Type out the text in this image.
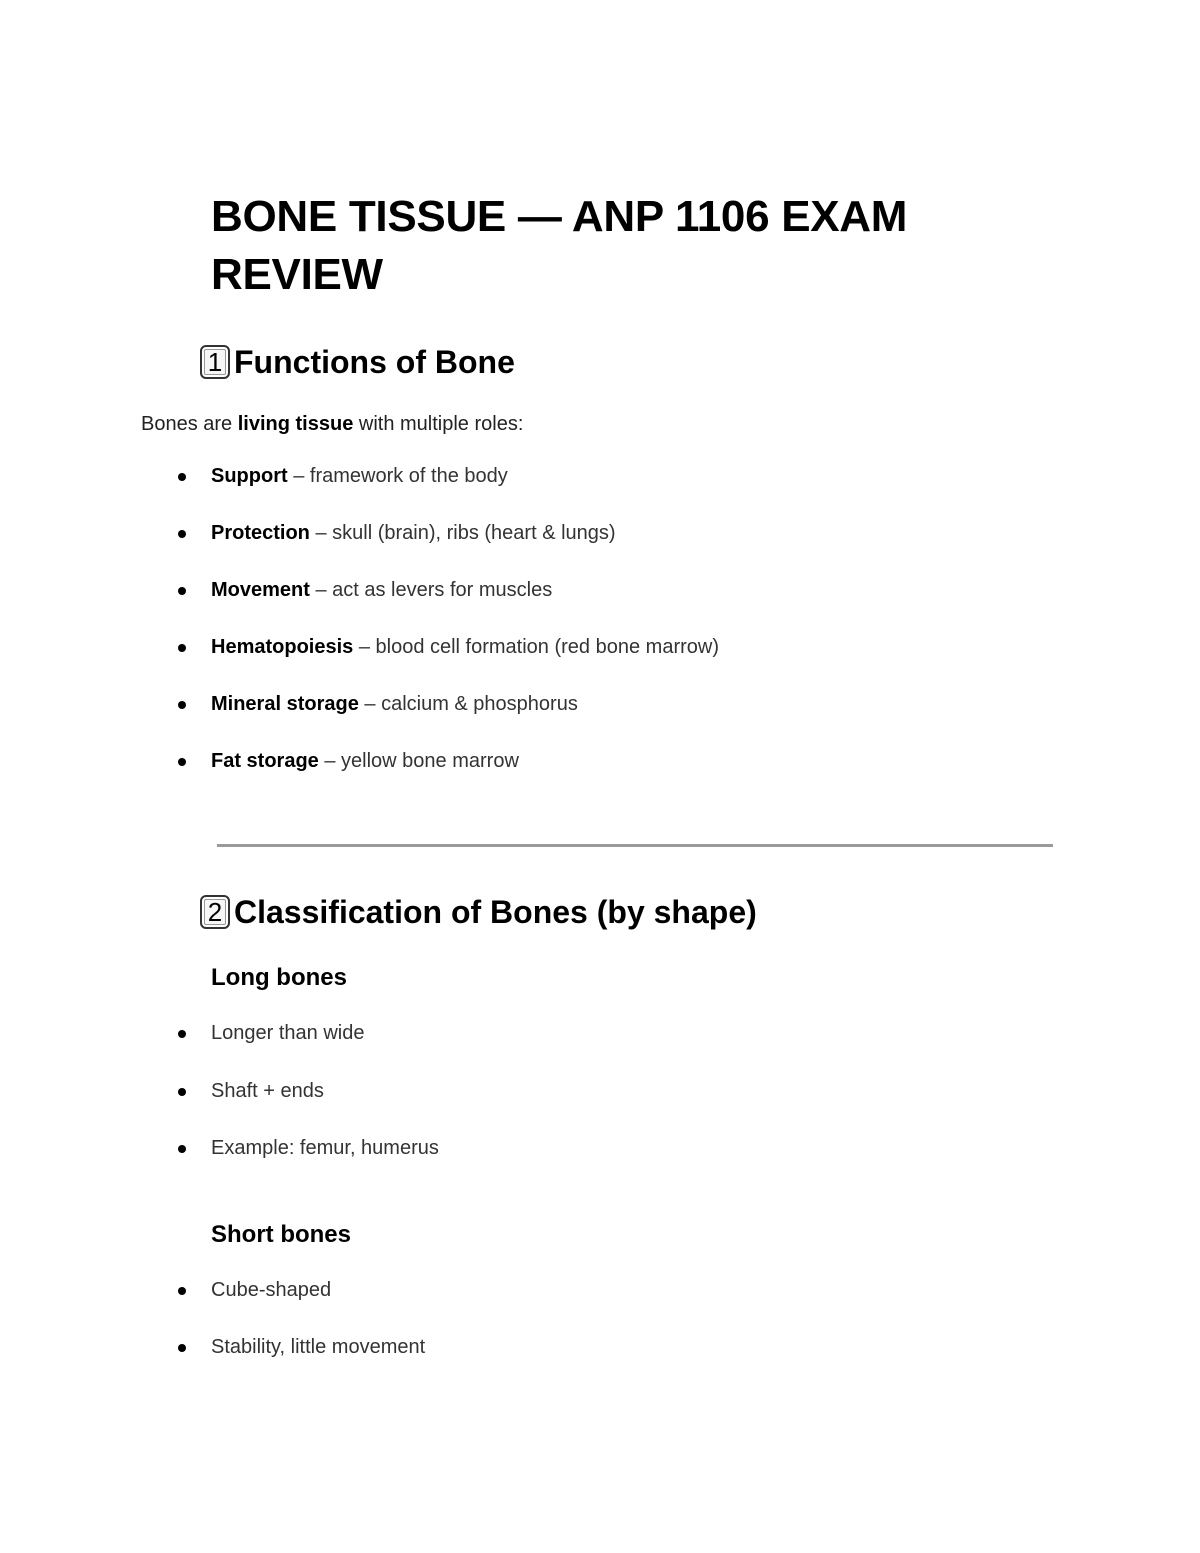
BONE TISSUE — ANP 1106 EXAM REVIEW
1 Functions of Bone

Bones are living tissue with multiple roles:

Support – framework of the body
Protection – skull (brain), ribs (heart & lungs)
Movement – act as levers for muscles
Hematopoiesis – blood cell formation (red bone marrow)
Mineral storage – calcium & phosphorus
Fat storage – yellow bone marrow
2 Classification of Bones (by shape)
Long bones
Longer than wide
Shaft + ends
Example: femur, humerus
Short bones
Cube-shaped
Stability, little movement
